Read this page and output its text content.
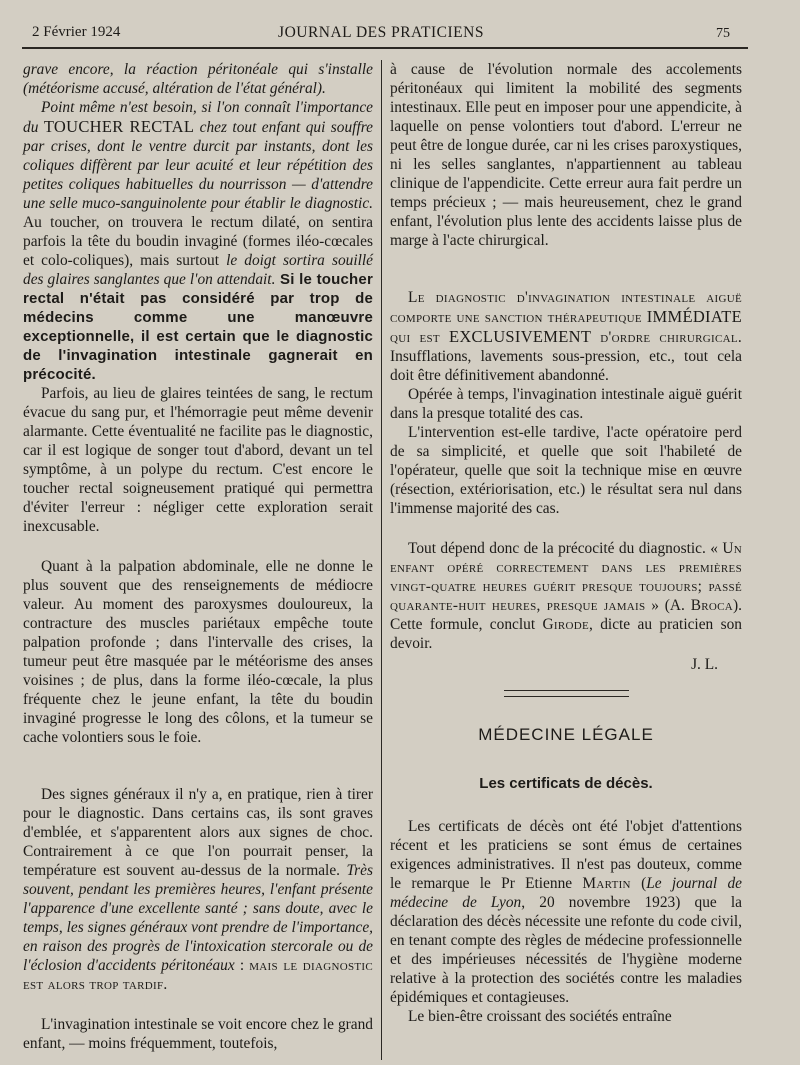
2 Février 1924	JOURNAL DES PRATICIENS	75

grave encore, la réaction péritonéale qui s'installe (météorisme accusé, altération de l'état général).

Point même n'est besoin, si l'on connaît l'importance du TOUCHER RECTAL chez tout enfant qui souffre par crises, dont le ventre durcit par instants, dont les coliques diffèrent par leur acuité et leur répétition des petites coliques habituelles du nourrisson — d'attendre une selle muco-sanguinolente pour établir le diagnostic. Au toucher, on trouvera le rectum dilaté, on sentira parfois la tête du boudin invaginé (formes iléo-cœcales et colo-coliques), mais surtout le doigt sortira souillé des glaires sanglantes que l'on attendait. Si le toucher rectal n'était pas considéré par trop de médecins comme une manœuvre exceptionnelle, il est certain que le diagnostic de l'invagination intestinale gagnerait en précocité.

Parfois, au lieu de glaires teintées de sang, le rectum évacue du sang pur, et l'hémorragie peut même devenir alarmante. Cette éventualité ne facilite pas le diagnostic, car il est logique de songer tout d'abord, devant un tel symptôme, à un polype du rectum. C'est encore le toucher rectal soigneusement pratiqué qui permettra d'éviter l'erreur : négliger cette exploration serait inexcusable.

Quant à la palpation abdominale, elle ne donne le plus souvent que des renseignements de médiocre valeur. Au moment des paroxysmes douloureux, la contracture des muscles pariétaux empêche toute palpation profonde ; dans l'intervalle des crises, la tumeur peut être masquée par le météorisme des anses voisines ; de plus, dans la forme iléo-cœcale, la plus fréquente chez le jeune enfant, la tête du boudin invaginé progresse le long des côlons, et la tumeur se cache volontiers sous le foie.

Des signes généraux il n'y a, en pratique, rien à tirer pour le diagnostic. Dans certains cas, ils sont graves d'emblée, et s'apparentent alors aux signes de choc. Contrairement à ce que l'on pourrait penser, la température est souvent au-dessus de la normale. Très souvent, pendant les premières heures, l'enfant présente l'apparence d'une excellente santé ; sans doute, avec le temps, les signes généraux vont prendre de l'importance, en raison des progrès de l'intoxication stercorale ou de l'éclosion d'accidents péritonéaux : mais le diagnostic est alors trop tardif.

L'invagination intestinale se voit encore chez le grand enfant, — moins fréquemment, toutefois,

à cause de l'évolution normale des accolements péritonéaux qui limitent la mobilité des segments intestinaux. Elle peut en imposer pour une appendicite, à laquelle on pense volontiers tout d'abord. L'erreur ne peut être de longue durée, car ni les crises paroxystiques, ni les selles sanglantes, n'appartiennent au tableau clinique de l'appendicite. Cette erreur aura fait perdre un temps précieux ; — mais heureusement, chez le grand enfant, l'évolution plus lente des accidents laisse plus de marge à l'acte chirurgical.

Le diagnostic d'invagination intestinale aiguë comporte une sanction thérapeutique IMMÉDIATE qui est EXCLUSIVEMENT d'ordre chirurgical. Insufflations, lavements sous-pression, etc., tout cela doit être définitivement abandonné.

Opérée à temps, l'invagination intestinale aiguë guérit dans la presque totalité des cas.

L'intervention est-elle tardive, l'acte opératoire perd de sa simplicité, et quelle que soit l'habileté de l'opérateur, quelle que soit la technique mise en œuvre (résection, extériorisation, etc.) le résultat sera nul dans l'immense majorité des cas.

Tout dépend donc de la précocité du diagnostic. « Un enfant opéré correctement dans les premières vingt-quatre heures guérit presque toujours; passé quarante-huit heures, presque jamais » (A. Broca). Cette formule, conclut Girode, dicte au praticien son devoir.

J. L.

MÉDECINE LÉGALE
Les certificats de décès.

Les certificats de décès ont été l'objet d'attentions récent et les praticiens se sont émus de certaines exigences administratives. Il n'est pas douteux, comme le remarque le Pr Etienne Martin (Le journal de médecine de Lyon, 20 novembre 1923) que la déclaration des décès nécessite une refonte du code civil, en tenant compte des règles de médecine professionnelle et des impérieuses nécessités de l'hygiène moderne relative à la protection des sociétés contre les maladies épidémiques et contagieuses.

Le bien-être croissant des sociétés entraîne
